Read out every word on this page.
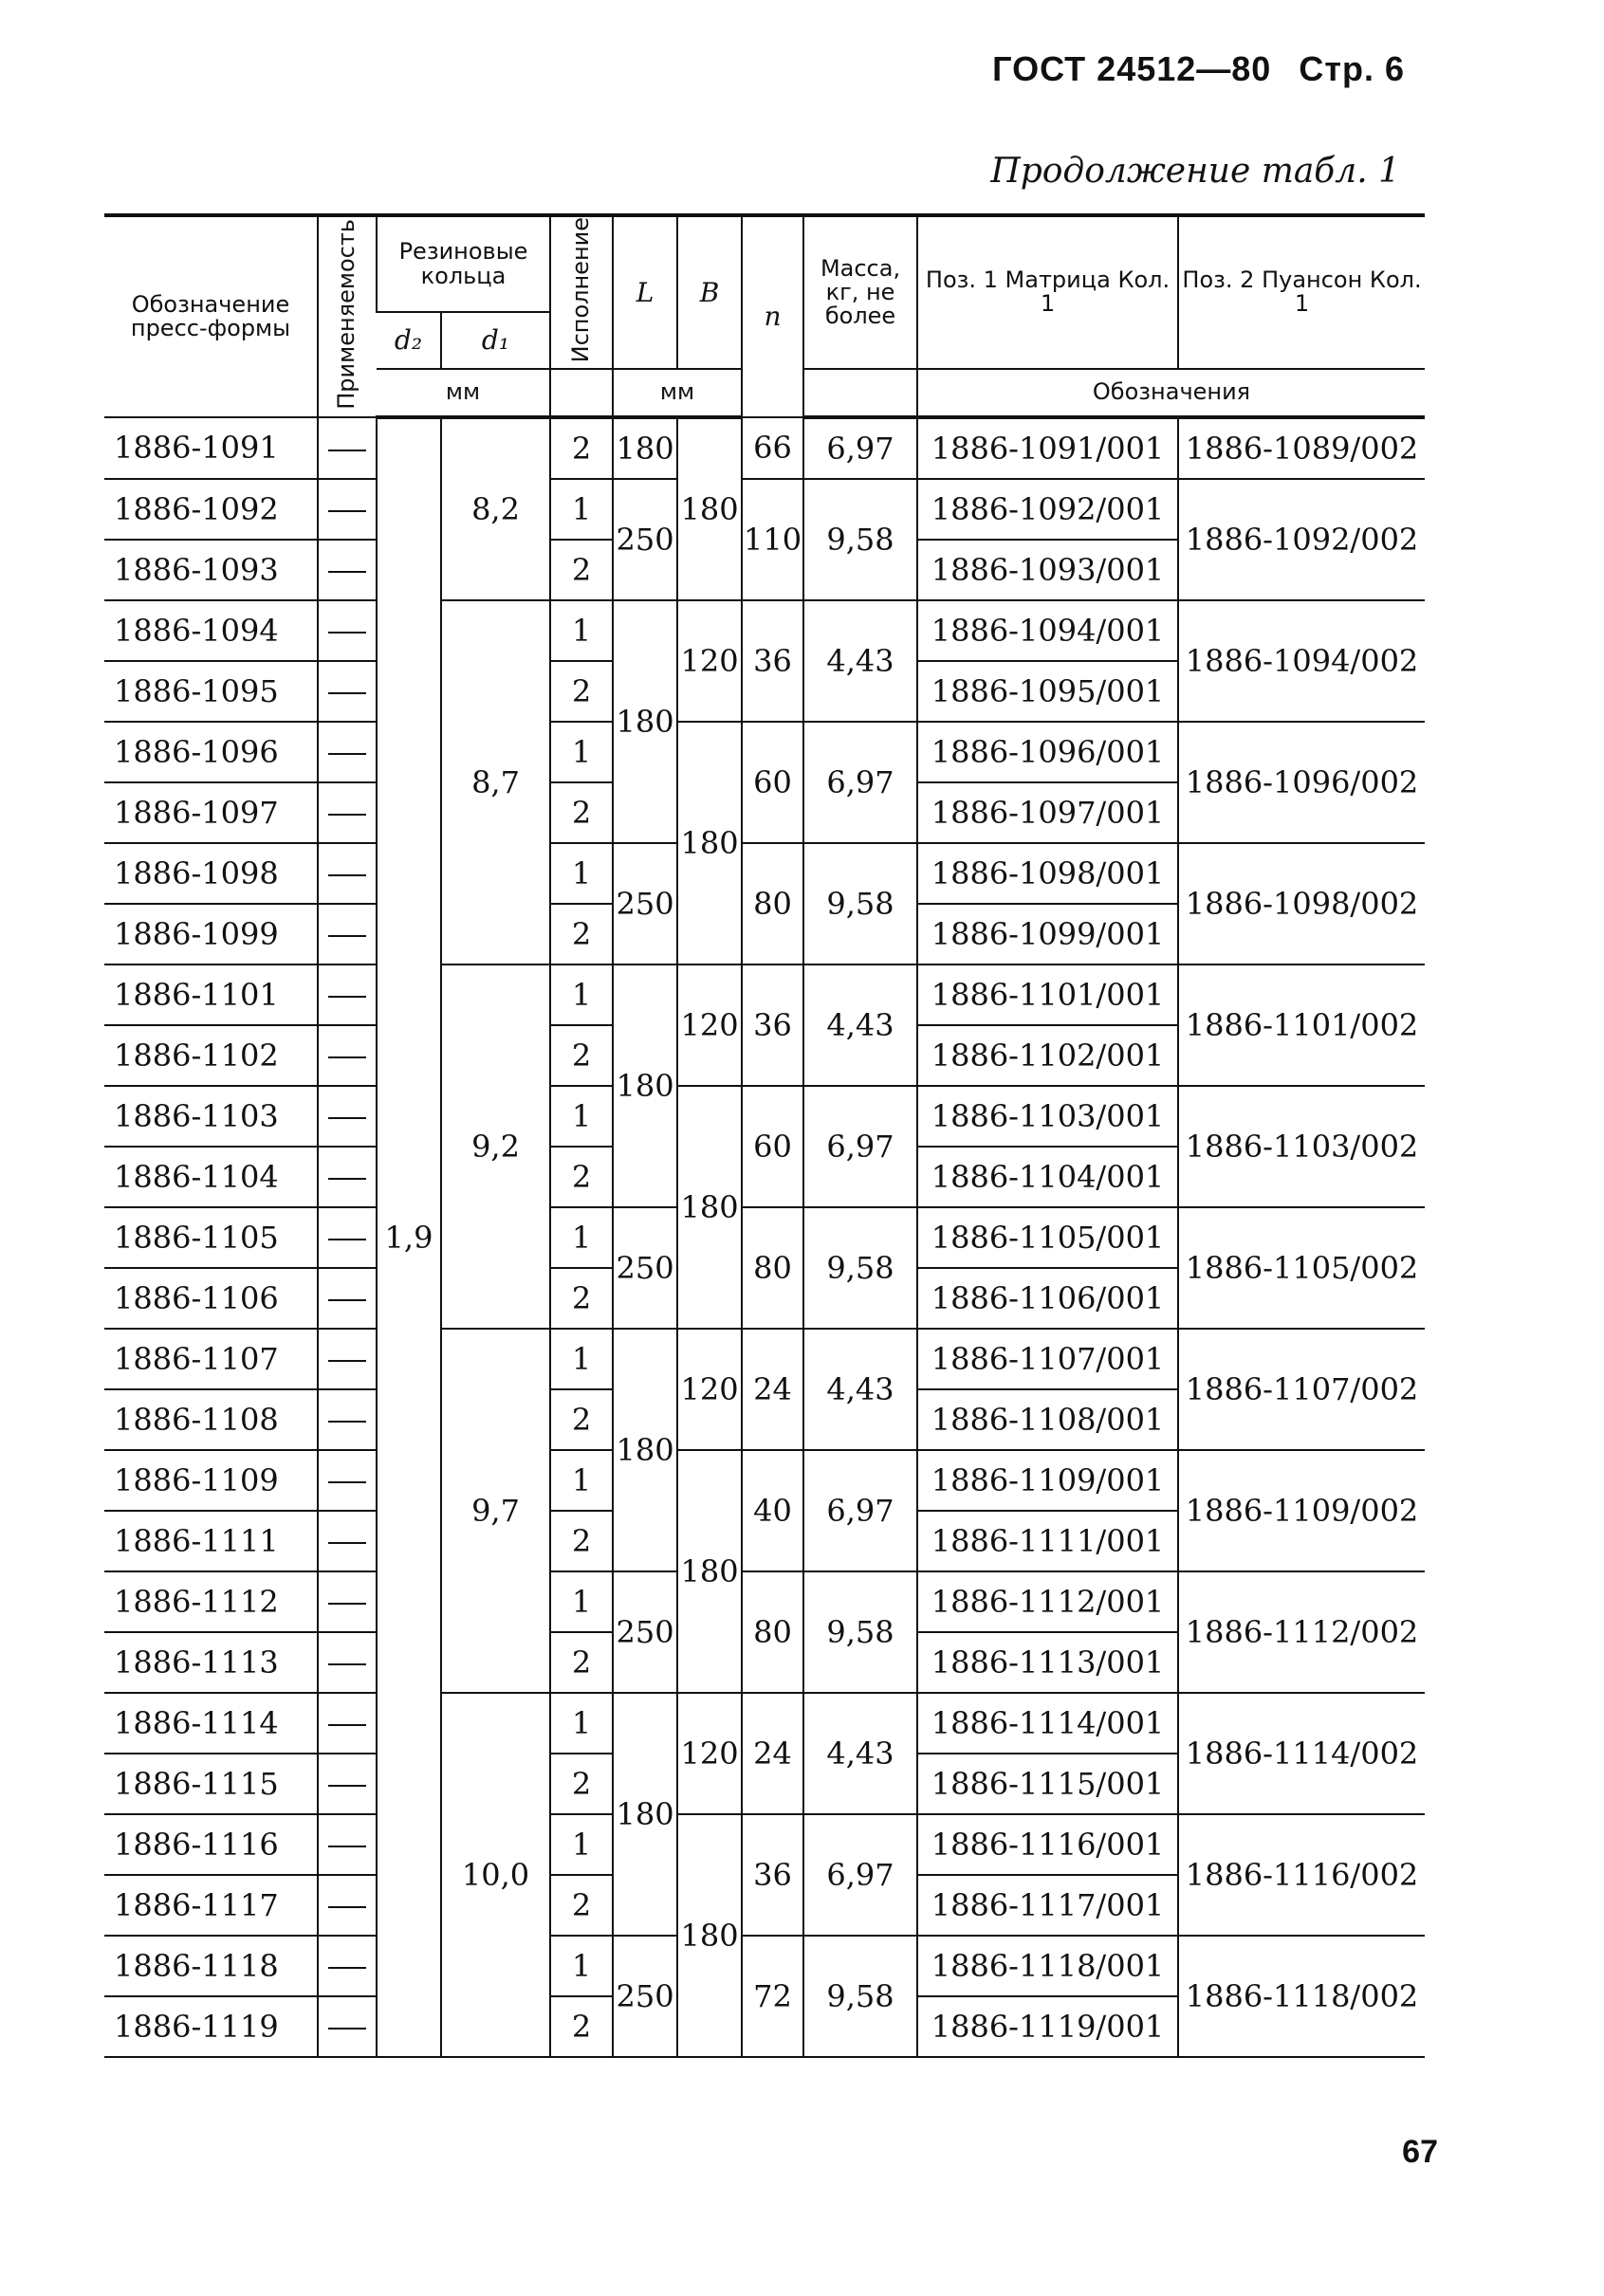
ГОСТ 24512—80 Стр. 6
Продолжение табл. 1
Обозначение пресс-формы	Применяемость	Резиновые кольца		Исполнение	L	B	n	Масса, кг, не более	Поз. 1 Матрица Кол. 1	Поз. 2 Пуансон Кол. 1
		d₂	d₁							
		мм			мм				Обозначения	
1886-1091		1,9	8,2	2	180	180	66	6,97	1886-1091/001	1886-1089/002
1886-1092				1	250		110	9,58	1886-1092/001	1886-1092/002
1886-1093				2					1886-1093/001	
1886-1094			8,7	1	180	120	36	4,43	1886-1094/001	1886-1094/002
1886-1095				2					1886-1095/001	
1886-1096				1		180	60	6,97	1886-1096/001	1886-1096/002
1886-1097				2					1886-1097/001	
1886-1098				1	250		80	9,58	1886-1098/001	1886-1098/002
1886-1099				2					1886-1099/001	
1886-1101			9,2	1	180	120	36	4,43	1886-1101/001	1886-1101/002
1886-1102				2					1886-1102/001	
1886-1103				1		180	60	6,97	1886-1103/001	1886-1103/002
1886-1104				2					1886-1104/001	
1886-1105				1	250		80	9,58	1886-1105/001	1886-1105/002
1886-1106				2					1886-1106/001	
1886-1107			9,7	1	180	120	24	4,43	1886-1107/001	1886-1107/002
1886-1108				2					1886-1108/001	
1886-1109				1		180	40	6,97	1886-1109/001	1886-1109/002
1886-1111				2					1886-1111/001	
1886-1112				1	250		80	9,58	1886-1112/001	1886-1112/002
1886-1113				2					1886-1113/001	
1886-1114			10,0	1	180	120	24	4,43	1886-1114/001	1886-1114/002
1886-1115				2					1886-1115/001	
1886-1116				1		180	36	6,97	1886-1116/001	1886-1116/002
1886-1117				2					1886-1117/001	
1886-1118				1	250		72	9,58	1886-1118/001	1886-1118/002
1886-1119				2					1886-1119/001	
67
